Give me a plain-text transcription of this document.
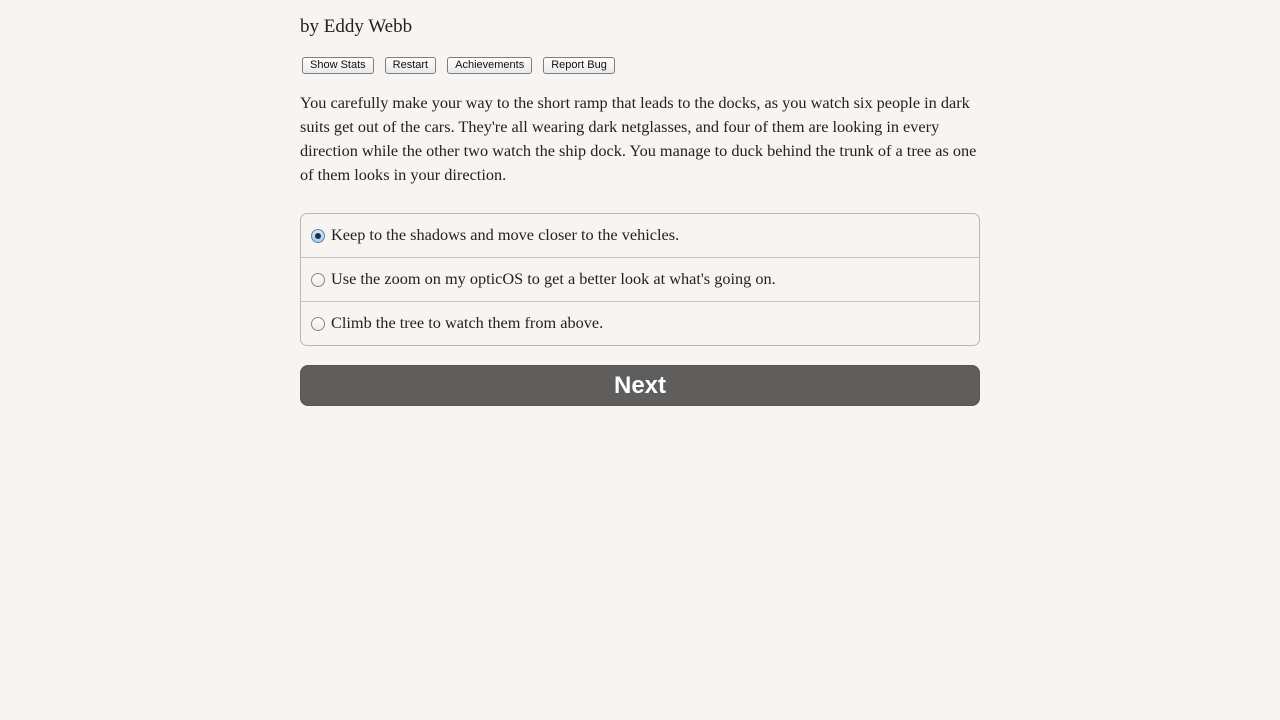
by Eddy Webb
Show Stats	Restart	Achievements	Report Bug

You carefully make your way to the short ramp that leads to the docks, as you watch six people in dark suits get out of the cars. They're all wearing dark netglasses, and four of them are looking in every direction while the other two watch the ship dock. You manage to duck behind the trunk of a tree as one of them looks in your direction.

Keep to the shadows and move closer to the vehicles.
Use the zoom on my opticOS to get a better look at what's going on.
Climb the tree to watch them from above.
Next
